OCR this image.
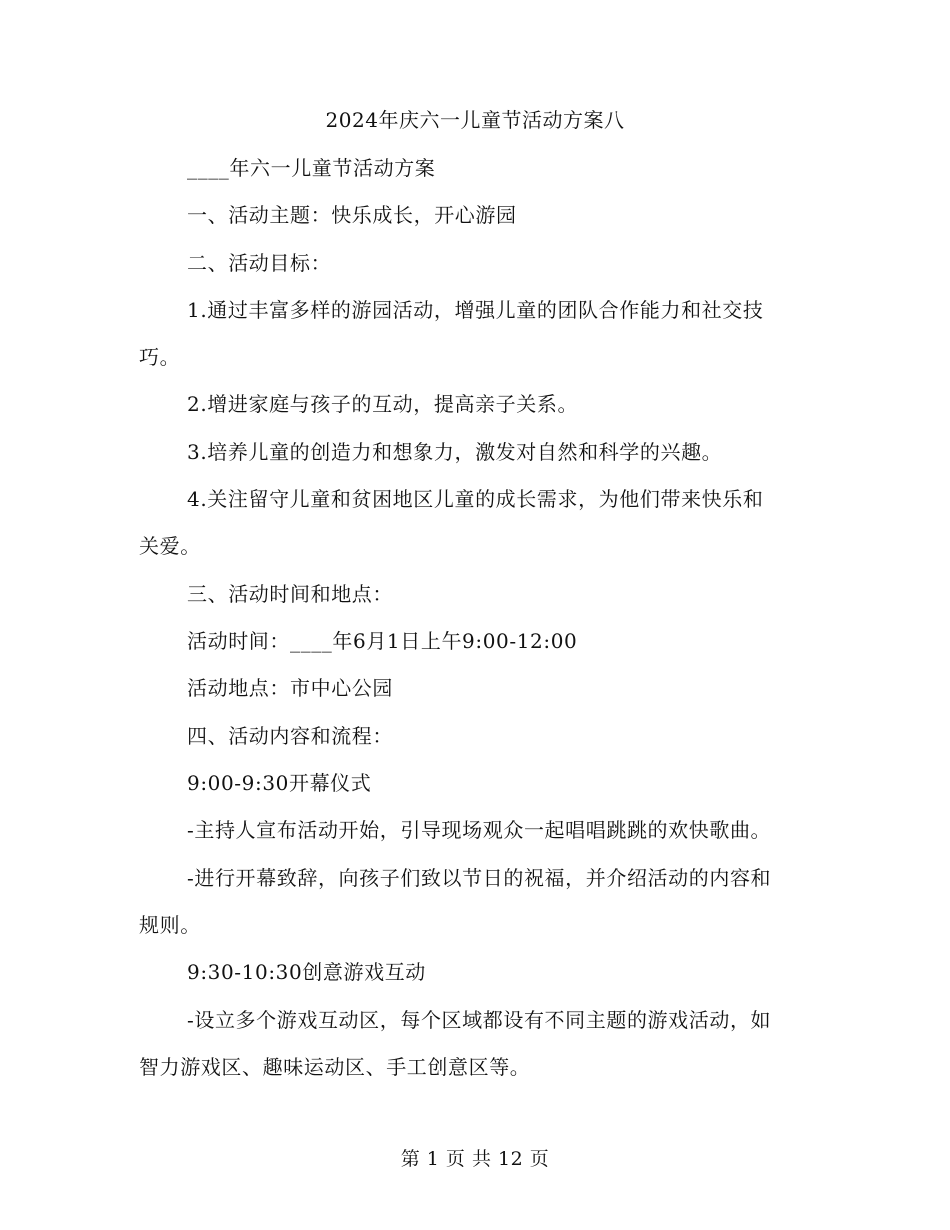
2024年庆六一儿童节活动方案八
____年六一儿童节活动方案
一、活动主题：快乐成长，开心游园
二、活动目标：
1.通过丰富多样的游园活动，增强儿童的团队合作能力和社交技
巧。
2.增进家庭与孩子的互动，提高亲子关系。
3.培养儿童的创造力和想象力，激发对自然和科学的兴趣。
4.关注留守儿童和贫困地区儿童的成长需求，为他们带来快乐和
关爱。
三、活动时间和地点：
活动时间：____年6月1日上午9:00-12:00
活动地点：市中心公园
四、活动内容和流程：
9:00-9:30开幕仪式
-主持人宣布活动开始，引导现场观众一起唱唱跳跳的欢快歌曲。
-进行开幕致辞，向孩子们致以节日的祝福，并介绍活动的内容和
规则。
9:30-10:30创意游戏互动
-设立多个游戏互动区，每个区域都设有不同主题的游戏活动，如
智力游戏区、趣味运动区、手工创意区等。
第 1 页 共 12 页
